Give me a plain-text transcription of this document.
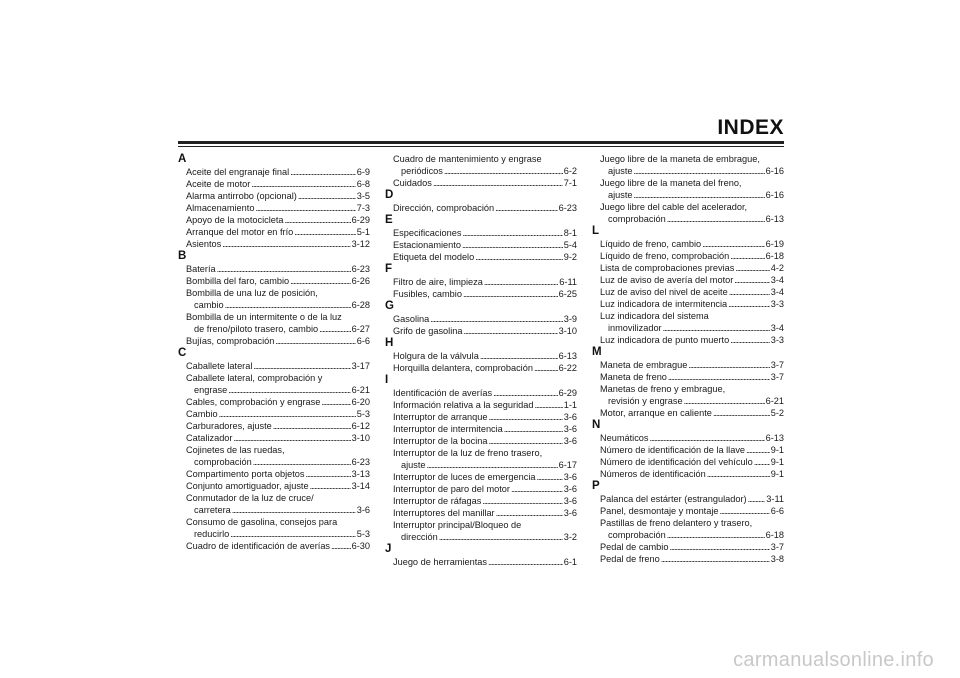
INDEX
A
Aceite del engranaje final . . .	6-9
Aceite de motor . . .	6-8
Alarma antirrobo (opcional) . . .	3-5
Almacenamiento . . .	7-3
Apoyo de la motocicleta . . .	6-29
Arranque del motor en frío . . .	5-1
Asientos . . .	3-12
B
Batería . . .	6-23
Bombilla del faro, cambio . . .	6-26
Bombilla de una luz de posición,
cambio . . .	6-28
Bombilla de un intermitente o de la luz
de freno/piloto trasero, cambio . . .	6-27
Bujías, comprobación . . .	6-6
C
Caballete lateral . . .	3-17
Caballete lateral, comprobación y
engrase . . .	6-21
Cables, comprobación y engrase . . .	6-20
Cambio . . .	5-3
Carburadores, ajuste . . .	6-12
Catalizador . . .	3-10
Cojinetes de las ruedas,
comprobación . . .	6-23
Compartimento porta objetos . . .	3-13
Conjunto amortiguador, ajuste . . .	3-14
Conmutador de la luz de cruce/
carretera . . .	3-6
Consumo de gasolina, consejos para
reducirlo . . .	5-3
Cuadro de identificación de averías . . . 6-30
Cuadro de mantenimiento y engrase
periódicos . . .	6-2
Cuidados . . .	7-1
D
Dirección, comprobación . . .	6-23
E
Especificaciones . . .	8-1
Estacionamiento . . .	5-4
Etiqueta del modelo . . .	9-2
F
Filtro de aire, limpieza . . .	6-11
Fusibles, cambio . . .	6-25
G
Gasolina . . .	3-9
Grifo de gasolina . . .	3-10
H
Holgura de la válvula . . .	6-13
Horquilla delantera, comprobación . . .	6-22
I
Identificación de averías . . .	6-29
Información relativa a la seguridad . . .	1-1
Interruptor de arranque . . .	3-6
Interruptor de intermitencia . . .	3-6
Interruptor de la bocina . . .	3-6
Interruptor de la luz de freno trasero,
ajuste . . .	6-17
Interruptor de luces de emergencia . . .	3-6
Interruptor de paro del motor . . .	3-6
Interruptor de ráfagas . . .	3-6
Interruptores del manillar . . .	3-6
Interruptor principal/Bloqueo de
dirección . . .	3-2
J
Juego de herramientas . . .	6-1
Juego libre de la maneta de embrague,
ajuste . . .	6-16
Juego libre de la maneta del freno,
ajuste . . .	6-16
Juego libre del cable del acelerador,
comprobación . . .	6-13
L
Líquido de freno, cambio . . .	6-19
Líquido de freno, comprobación . . .	6-18
Lista de comprobaciones previas . . .	4-2
Luz de aviso de avería del motor . . .	3-4
Luz de aviso del nivel de aceite . . .	3-4
Luz indicadora de intermitencia . . .	3-3
Luz indicadora del sistema
inmovilizador . . .	3-4
Luz indicadora de punto muerto . . .	3-3
M
Maneta de embrague . . .	3-7
Maneta de freno . . .	3-7
Manetas de freno y embrague,
revisión y engrase . . .	6-21
Motor, arranque en caliente . . .	5-2
N
Neumáticos . . .	6-13
Número de identificación de la llave . . .	9-1
Número de identificación del vehículo . . . 9-1
Números de identificación . . .	9-1
P
Palanca del estárter (estrangulador) . . . 3-11
Panel, desmontaje y montaje . . .	6-6
Pastillas de freno delantero y trasero,
comprobación . . .	6-18
Pedal de cambio . . .	3-7
Pedal de freno . . .	3-8
carmanualsonline.info
